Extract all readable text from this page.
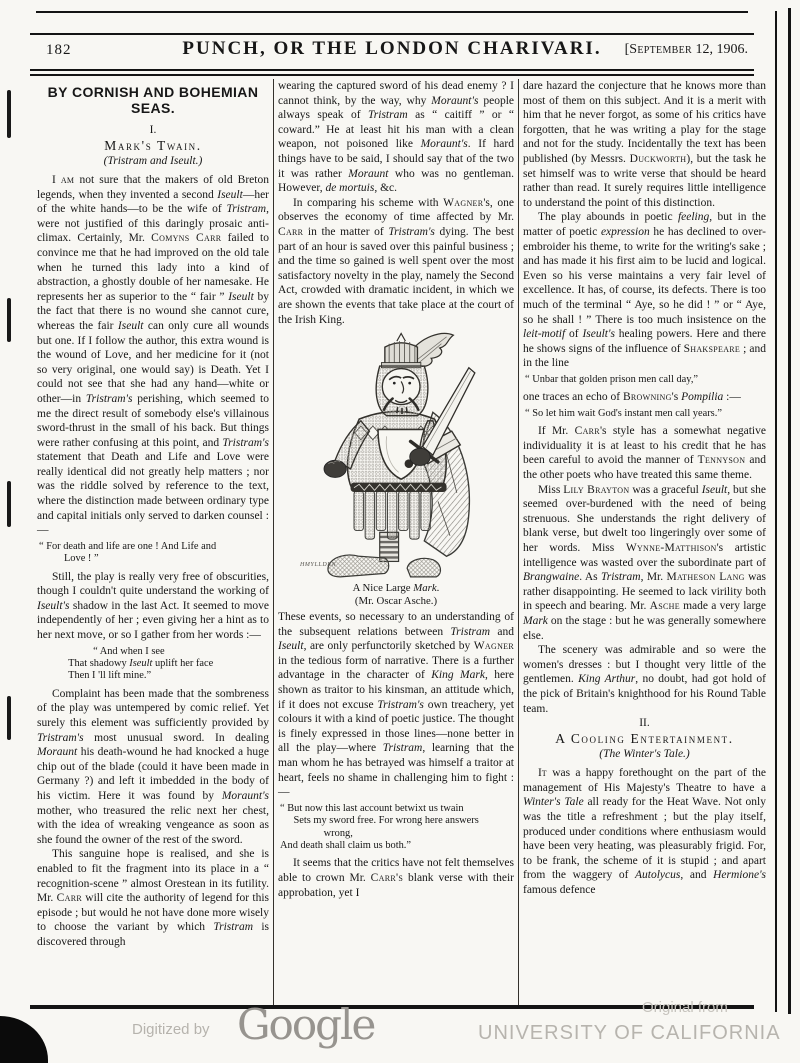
182	PUNCH, OR THE LONDON CHARIVARI.	[September 12, 1906.
BY CORNISH AND BOHEMIAN SEAS.
I.
Mark's Twain.
(Tristram and Iseult.)

I am not sure that the makers of old Breton legends, when they invented a second Iseult—her of the white hands—to be the wife of Tristram, were not justified of this daringly prosaic anti-climax. Certainly, Mr. Comyns Carr failed to convince me that he had improved on the old tale when he turned this lady into a kind of abstraction, a ghostly double of her namesake. He represents her as superior to the “ fair ” Iseult by the fact that there is no wound she cannot cure, whereas the fair Iseult can only cure all wounds but one. If I follow the author, this extra wound is the wound of Love, and her medicine for it (not so very original, one would say) is Death. Yet I could not see that she had any hand—white or other—in Tristram's perishing, which seemed to me the direct result of somebody else's villainous sword-thrust in the small of his back. But things were rather confusing at this point, and Tristram's statement that Death and Life and Love were really identical did not greatly help matters ; nor was the riddle solved by reference to the text, where the distinction made between ordinary type and capital initials only served to darken counsel :—

“ For death and life are one ! And Life and
Love ! ”

Still, the play is really very free of obscurities, though I couldn't quite understand the working of Iseult's shadow in the last Act. It seemed to move independently of her ; even giving her a hint as to her next move, or so I gather from her words :—

“ And when I see
That shadowy Iseult uplift her face
Then I 'll lift mine.”

Complaint has been made that the sombreness of the play was untempered by comic relief. Yet surely this element was sufficiently provided by Tristram's most unusual sword. In dealing Moraunt his death-wound he had knocked a huge chip out of the blade (could it have been made in Germany ?) and left it imbedded in the body of his victim. Here it was found by Moraunt's mother, who treasured the relic next her chest, with the idea of wreaking vengeance as soon as she found the owner of the rest of the sword.

This sanguine hope is realised, and she is enabled to fit the fragment into its place in a “ recognition-scene ” almost Orestean in its futility. Mr. Carr will cite the authority of legend for this episode ; but would he not have done more wisely to choose the variant by which Tristram is discovered through

wearing the captured sword of his dead enemy ? I cannot think, by the way, why Moraunt's people always speak of Tristram as “ caitiff ” or “ coward.” He at least hit his man with a clean weapon, not poisoned like Moraunt's. If hard things have to be said, I should say that of the two it was rather Moraunt who was no gentleman. However, de mortuis, &c.

In comparing his scheme with Wagner's, one observes the economy of time affected by Mr. Carr in the matter of Tristram's dying. The best part of an hour is saved over this painful business ; and the time so gained is well spent over the most satisfactory novelty in the play, namely the Second Act, crowded with dramatic incident, in which we are shown the events that take place at the court of the Irish King.

HMYLLDEN
A Nice Large Mark.
(Mr. Oscar Asche.)

These events, so necessary to an understanding of the subsequent relations between Tristram and Iseult, are only perfunctorily sketched by Wagner in the tedious form of narrative. There is a further advantage in the character of King Mark, here shown as traitor to his kinsman, an attitude which, if it does not excuse Tristram's own treachery, yet colours it with a kind of poetic justice. The thought is finely expressed in those lines—none better in all the play—where Tristram, learning that the man whom he has betrayed was himself a traitor at heart, feels no shame in challenging him to fight :—

“ But now this last account betwixt us twain
Sets my sword free. For wrong here answers
wrong,
And death shall claim us both.”

It seems that the critics have not felt themselves able to crown Mr. Carr's blank verse with their approbation, yet I

dare hazard the conjecture that he knows more than most of them on this subject. And it is a merit with him that he never forgot, as some of his critics have forgotten, that he was writing a play for the stage and not for the study. Incidentally the text has been published (by Messrs. Duckworth), but the task he set himself was to write verse that should be heard rather than read. It surely requires little intelligence to understand the point of this distinction.

The play abounds in poetic feeling, but in the matter of poetic expression he has declined to over-embroider his theme, to write for the writing's sake ; and has made it his first aim to be lucid and logical. Even so his verse maintains a very fair level of excellence. It has, of course, its defects. There is too much of the terminal “ Aye, so he did ! ” or “ Aye, so he shall ! ” There is too much insistence on the leit-motif of Iseult's healing powers. Here and there he shows signs of the influence of Shakspeare ; and in the line

“ Unbar that golden prison men call day,”

one traces an echo of Browning's Pompilia :—

“ So let him wait God's instant men call years.”

If Mr. Carr's style has a somewhat negative individuality it is at least to his credit that he has been careful to avoid the manner of Tennyson and the other poets who have treated this same theme.

Miss Lily Brayton was a graceful Iseult, but she seemed over-burdened with the need of being strenuous. She understands the right delivery of blank verse, but dwelt too lingeringly over some of her words. Miss Wynne-Matthison's artistic intelligence was wasted over the subordinate part of Brangwaine. As Tristram, Mr. Matheson Lang was rather disappointing. He seemed to lack virility both in speech and bearing. Mr. Asche made a very large Mark on the stage : but he was generally somewhere else.

The scenery was admirable and so were the women's dresses : but I thought very little of the gentlemen. King Arthur, no doubt, had got hold of the pick of Britain's knighthood for his Round Table team.

II.
A Cooling Entertainment.
(The Winter's Tale.)

It was a happy forethought on the part of the management of His Majesty's Theatre to have a Winter's Tale all ready for the Heat Wave. Not only was the title a refreshment ; but the play itself, produced under conditions where enthusiasm would have been very heating, was pleasurably frigid. For, to be frank, the scheme of it is stupid ; and apart from the waggery of Autolycus, and Hermione's famous defence

Digitized by Google	Original from
UNIVERSITY OF CALIFORNIA
